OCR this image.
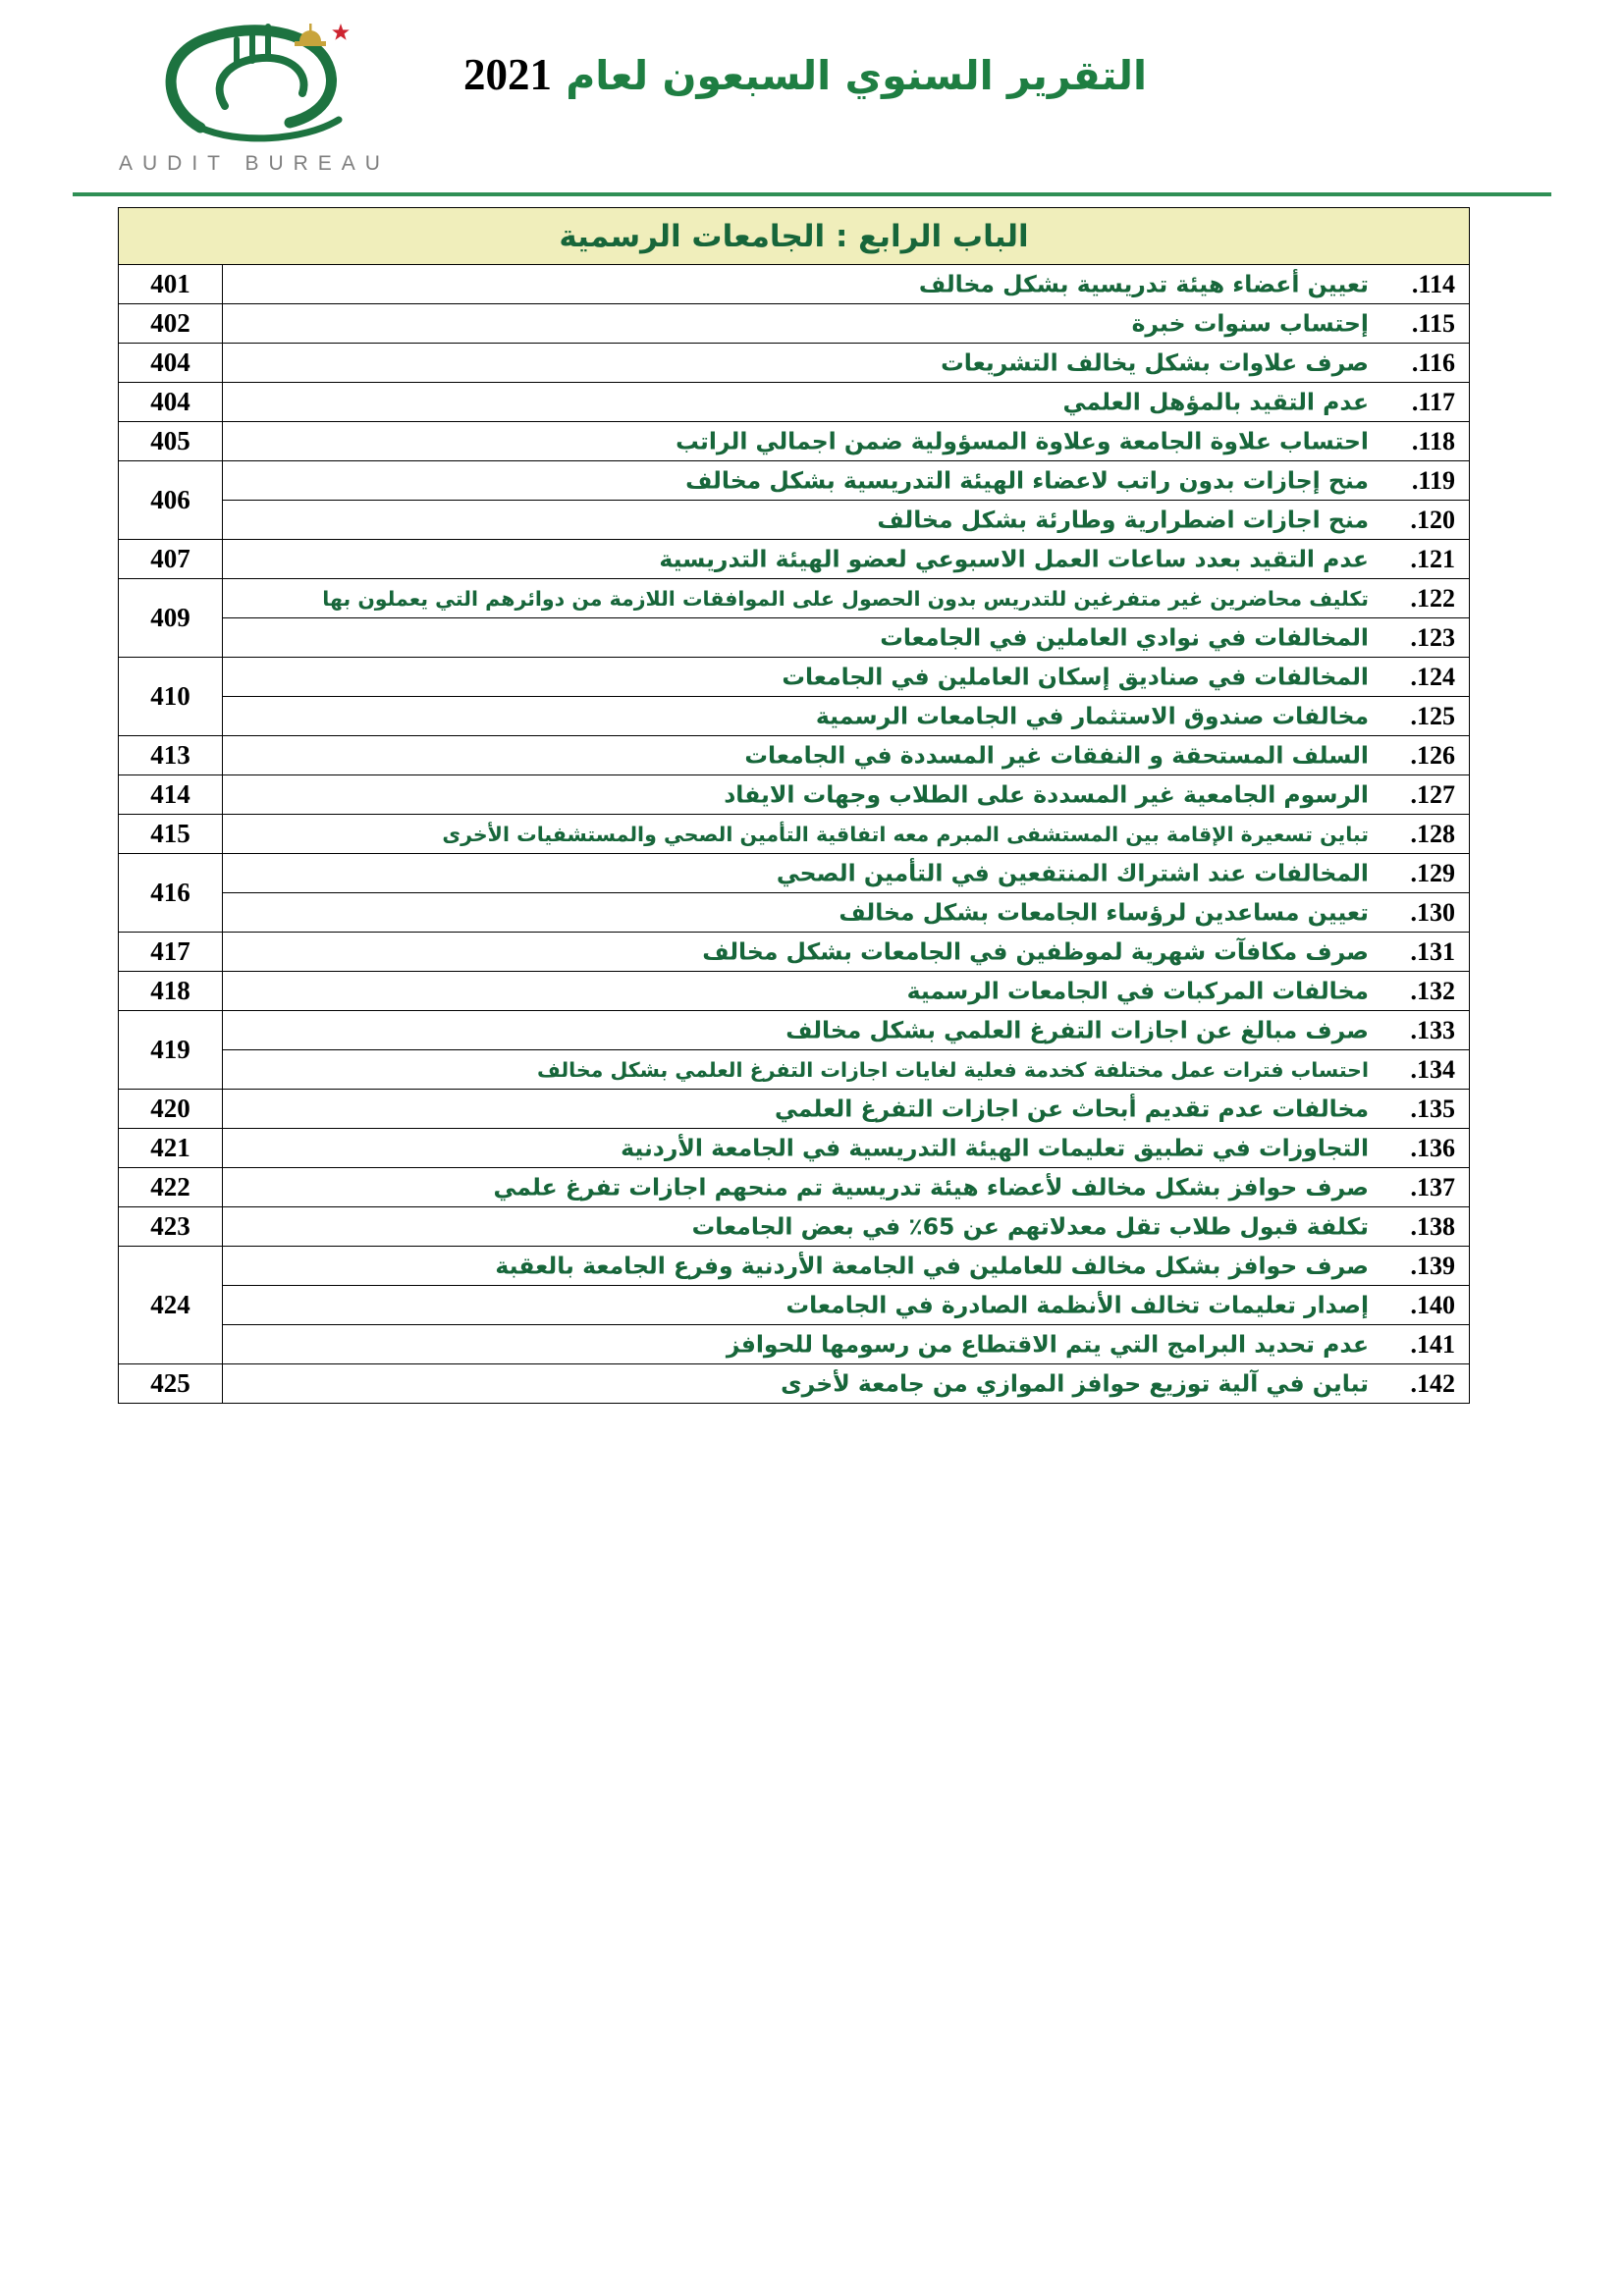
AUDIT BUREAU
التقرير السنوي السبعون لعام 2021
الباب الرابع : الجامعات الرسمية	
.114تعيين أعضاء هيئة تدريسية بشكل مخالف	401
.115إحتساب سنوات خبرة	402
.116صرف علاوات بشكل يخالف التشريعات	404
.117عدم التقيد بالمؤهل العلمي	404
.118احتساب علاوة الجامعة وعلاوة المسؤولية ضمن اجمالي الراتب	405
.119منح إجازات بدون راتب لاعضاء الهيئة التدريسية بشكل مخالف	406
.120منح اجازات اضطرارية وطارئة بشكل مخالف	
.121عدم التقيد بعدد ساعات العمل الاسبوعي لعضو الهيئة التدريسية	407
.122تكليف محاضرين غير متفرغين للتدريس بدون الحصول على الموافقات اللازمة من دوائرهم التي يعملون بها	409
.123المخالفات في نوادي العاملين في الجامعات	
.124المخالفات في صناديق إسكان العاملين في الجامعات	410
.125مخالفات صندوق الاستثمار في الجامعات الرسمية	
.126السلف المستحقة و النفقات غير المسددة في الجامعات	413
.127الرسوم الجامعية غير المسددة على الطلاب وجهات الايفاد	414
.128تباين تسعيرة الإقامة بين المستشفى المبرم معه اتفاقية التأمين الصحي والمستشفيات الأخرى	415
.129المخالفات عند اشتراك المنتفعين في التأمين الصحي	416
.130تعيين مساعدين لرؤساء الجامعات بشكل مخالف	
.131صرف مكافآت شهرية لموظفين في الجامعات بشكل مخالف	417
.132مخالفات المركبات في الجامعات الرسمية	418
.133صرف مبالغ عن اجازات التفرغ العلمي بشكل مخالف	419
.134احتساب فترات عمل مختلفة كخدمة فعلية لغايات اجازات التفرغ العلمي بشكل مخالف	
.135مخالفات عدم تقديم أبحاث عن اجازات التفرغ العلمي	420
.136التجاوزات في تطبيق تعليمات الهيئة التدريسية في الجامعة الأردنية	421
.137صرف حوافز بشكل مخالف لأعضاء هيئة تدريسية تم منحهم اجازات تفرغ علمي	422
.138تكلفة قبول طلاب تقل معدلاتهم عن 65٪ في بعض الجامعات	423
.139صرف حوافز بشكل مخالف للعاملين في الجامعة الأردنية وفرع الجامعة بالعقبة	424
.140إصدار تعليمات تخالف الأنظمة الصادرة في الجامعات	
.141عدم تحديد البرامج التي يتم الاقتطاع من رسومها للحوافز	
.142تباين في آلية توزيع حوافز الموازي من جامعة لأخرى	425
